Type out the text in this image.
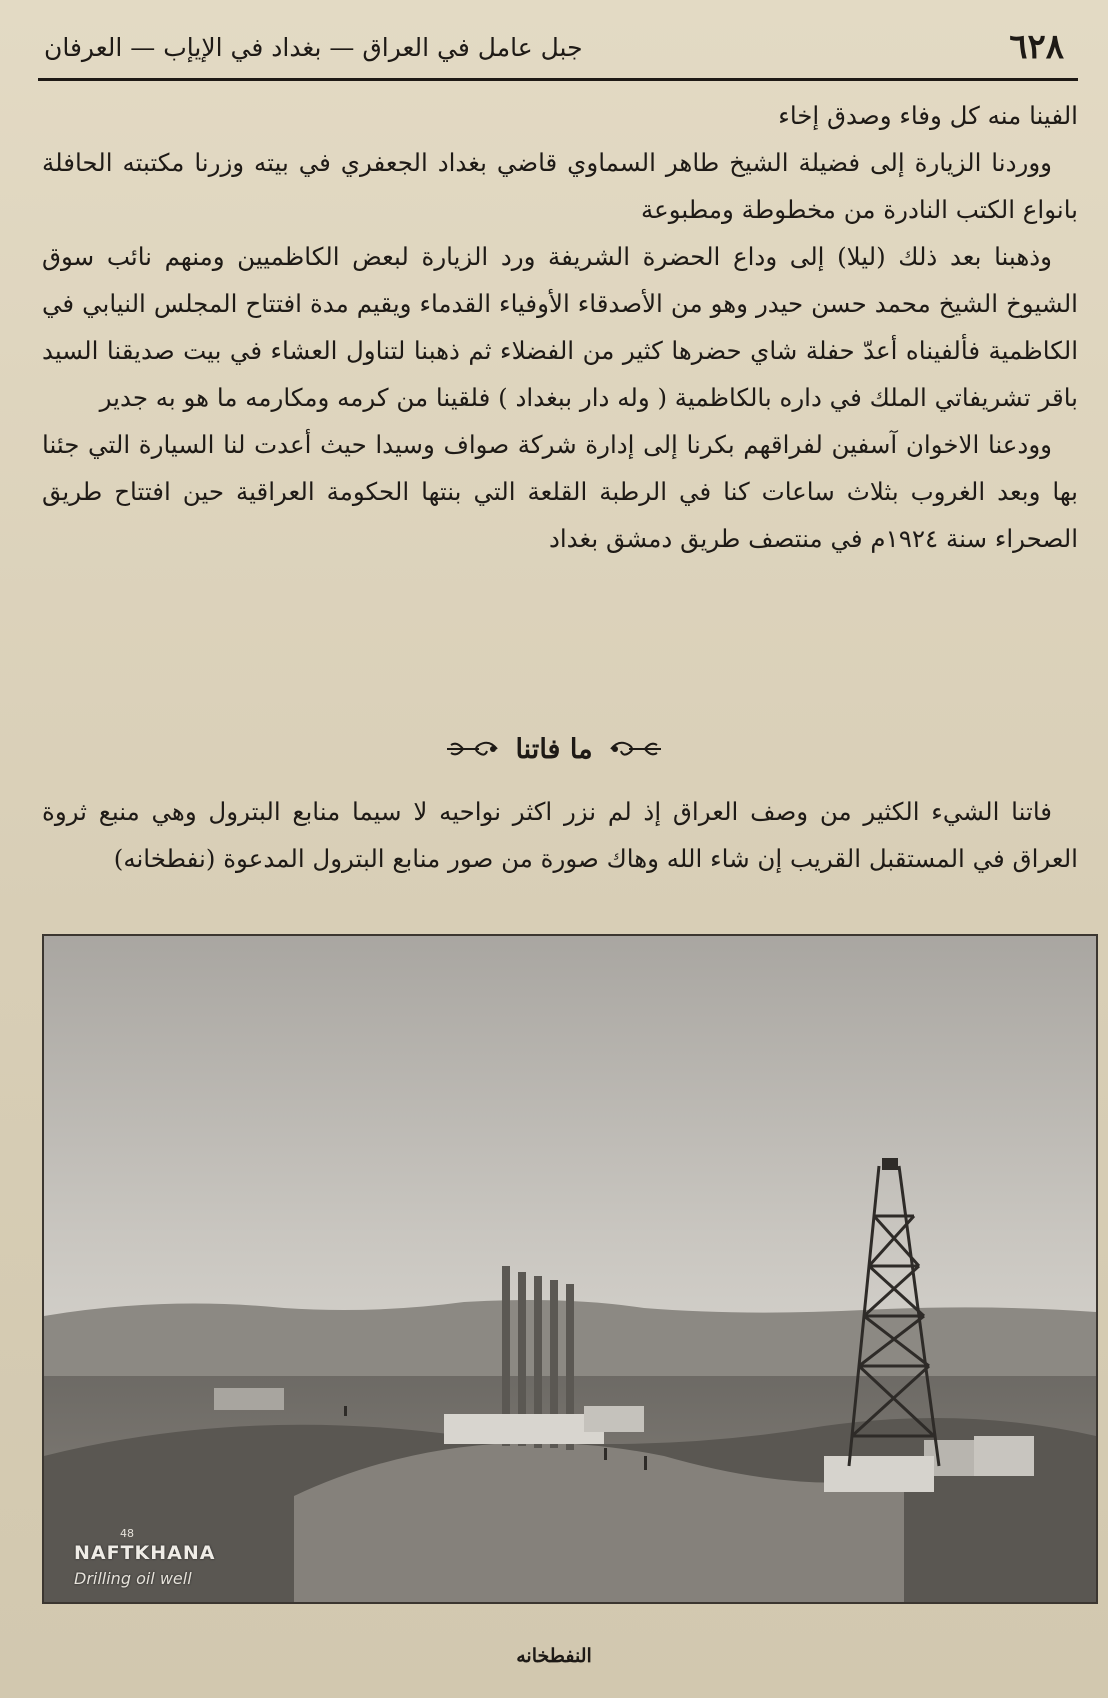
٦٢٨
جبل عامل في العراق — بغداد في الإيإب — العرفان

الفينا منه كل وفاء وصدق إخاء

ووردنا الزيارة إلى فضيلة الشيخ طاهر السماوي قاضي بغداد الجعفري في بيته وزرنا مكتبته الحافلة بانواع الكتب النادرة من مخطوطة ومطبوعة

وذهبنا بعد ذلك (ليلا) إلى وداع الحضرة الشريفة ورد الزيارة لبعض الكاظميين ومنهم نائب سوق الشيوخ الشيخ محمد حسن حيدر وهو من الأصدقاء الأوفياء القدماء ويقيم مدة افتتاح المجلس النيابي في الكاظمية فألفيناه أعدّ حفلة شاي حضرها كثير من الفضلاء ثم ذهبنا لتناول العشاء في بيت صديقنا السيد باقر تشريفاتي الملك في داره بالكاظمية ( وله دار ببغداد ) فلقينا من كرمه ومكارمه ما هو به جدير

وودعنا الاخوان آسفين لفراقهم بكرنا إلى إدارة شركة صواف وسيدا حيث أعدت لنا السيارة التي جئنا بها وبعد الغروب بثلاث ساعات كنا في الرطبة القلعة التي بنتها الحكومة العراقية حين افتتاح طريق الصحراء سنة ١٩٢٤م في منتصف طريق دمشق بغداد

ما فاتنا

فاتنا الشيء الكثير من وصف العراق إذ لم نزر اكثر نواحيه لا سيما منابع البترول وهي منبع ثروة العراق في المستقبل القريب إن شاء الله وهاك صورة من صور منابع البترول المدعوة (نفطخانه)

48
NAFTKHANA
Drilling oil well
النفطخانه
